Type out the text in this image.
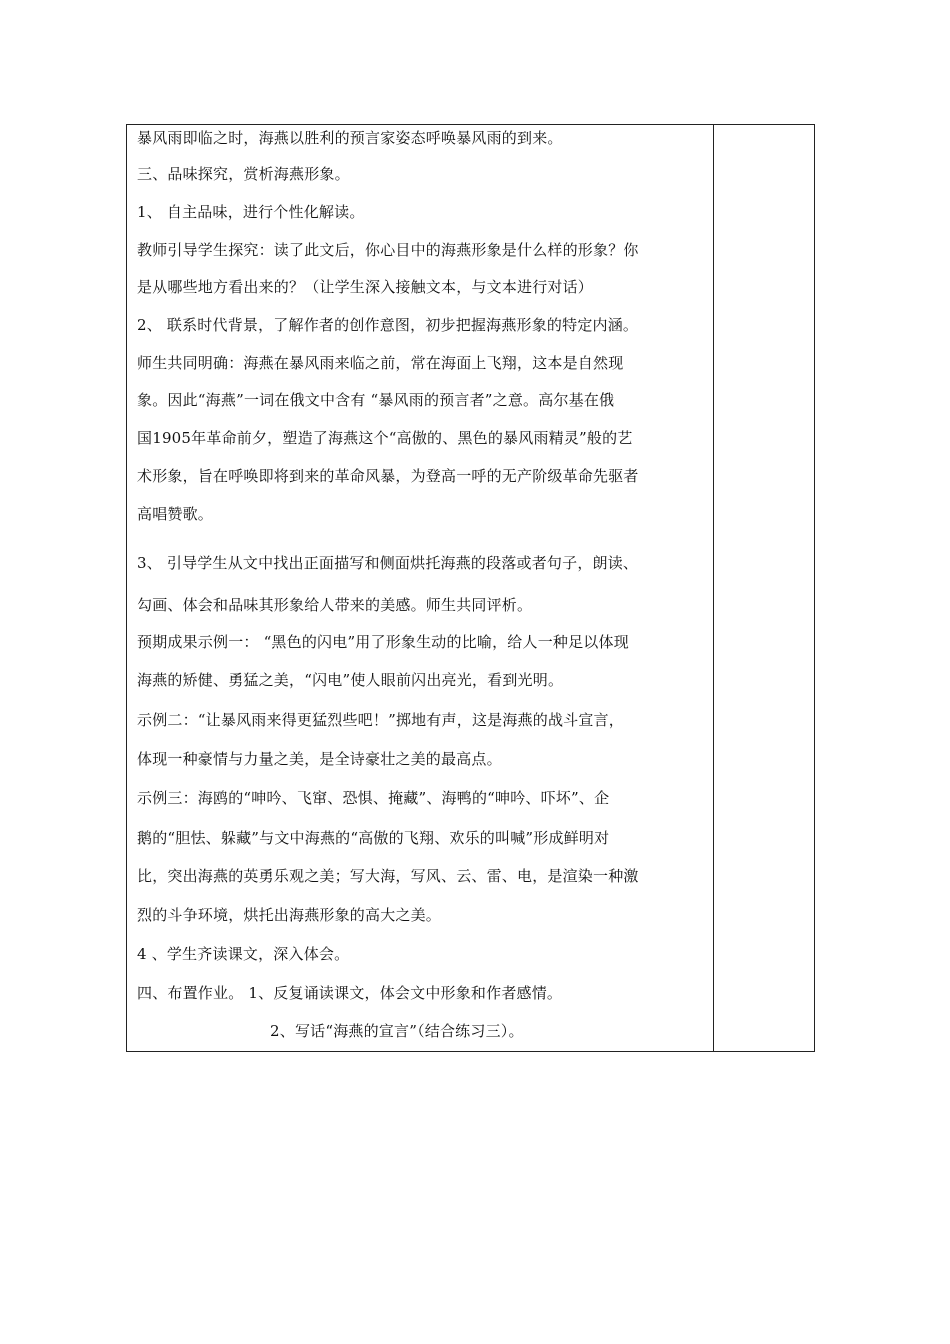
暴风雨即临之时，海燕以胜利的预言家姿态呼唤暴风雨的到来。
三、品味探究，赏析海燕形象。
1、 自主品味，进行个性化解读。
教师引导学生探究：读了此文后，你心目中的海燕形象是什么样的形象？你
是从哪些地方看出来的？（让学生深入接触文本，与文本进行对话）
2、 联系时代背景，了解作者的创作意图，初步把握海燕形象的特定内涵。
师生共同明确：海燕在暴风雨来临之前，常在海面上飞翔，这本是自然现
象。因此“海燕”一词在俄文中含有 “暴风雨的预言者”之意。高尔基在俄
国1905年革命前夕，塑造了海燕这个“高傲的、黑色的暴风雨精灵”般的艺
术形象，旨在呼唤即将到来的革命风暴，为登高一呼的无产阶级革命先驱者
高唱赞歌。
3、 引导学生从文中找出正面描写和侧面烘托海燕的段落或者句子，朗读、
勾画、体会和品味其形象给人带来的美感。师生共同评析。
预期成果示例一： “黑色的闪电”用了形象生动的比喻，给人一种足以体现
海燕的矫健、勇猛之美，“闪电”使人眼前闪出亮光，看到光明。
示例二：“让暴风雨来得更猛烈些吧！”掷地有声，这是海燕的战斗宣言，
体现一种豪情与力量之美，是全诗豪壮之美的最高点。
示例三：海鸥的“呻吟、飞窜、恐惧、掩藏”、海鸭的“呻吟、吓坏”、企
鹅的“胆怯、躲藏”与文中海燕的“高傲的飞翔、欢乐的叫喊”形成鲜明对
比，突出海燕的英勇乐观之美；写大海，写风、云、雷、电，是渲染一种激
烈的斗争环境，烘托出海燕形象的高大之美。
4 、学生齐读课文，深入体会。
四、布置作业。 1、反复诵读课文，体会文中形象和作者感情。
2、写话“海燕的宣言”（结合练习三）。
